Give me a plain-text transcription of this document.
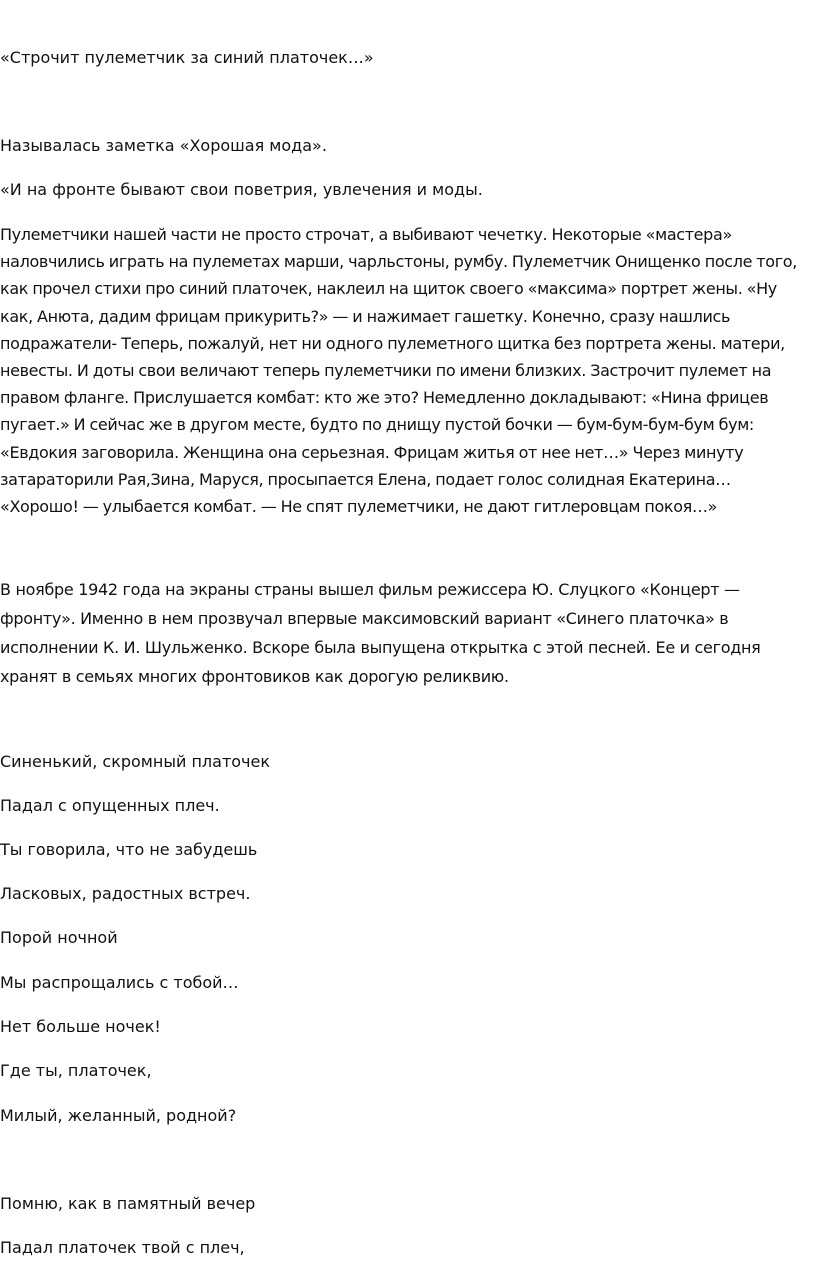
«Строчит пулеметчик за синий платочек…»
Называлась заметка «Хорошая мода».
«И на фронте бывают свои поветрия, увлечения и моды.
Пулеметчики нашей части не просто строчат, а выбивают чечетку. Некоторые «мастера» наловчились играть на пулеметах марши, чарльстоны, румбу. Пулеметчик Онищенко после того, как прочел стихи про синий платочек, наклеил на щиток своего «максима» портрет жены. «Ну как, Анюта, дадим фрицам прикурить?» — и нажимает гашетку. Конечно, сразу нашлись подражатели- Теперь, пожалуй, нет ни одного пулеметного щитка без портрета жены. матери, невесты. И доты свои величают теперь пулеметчики по имени близких. Застрочит пулемет на правом фланге. Прислушается комбат: кто же это? Немедленно докладывают: «Нина фрицев пугает.» И сейчас же в другом месте, будто по днищу пустой бочки — бум-бум-бум-бум бум: «Евдокия заговорила. Женщина она серьезная. Фрицам житья от нее нет…» Через минуту затараторили Рая,Зина, Маруся, просыпается Елена, подает голос солидная Екатерина… «Хорошо! — улыбается комбат. — Не спят пулеметчики, не дают гитлеровцам покоя…»
В ноябре 1942 года на экраны страны вышел фильм режиссера Ю. Слуцкого «Концерт — фронту». Именно в нем прозвучал впервые максимовский вариант «Синего платочка» в исполнении К. И. Шульженко. Вскоре была выпущена открытка с этой песней. Ее и сегодня хранят в семьях многих фронтовиков как дорогую реликвию.
Синенький, скромный платочек
Падал с опущенных плеч.
Ты говорила, что не забудешь
Ласковых, радостных встреч.
Порой ночной
Мы распрощались с тобой…
Нет больше ночек!
Где ты, платочек,
Милый, желанный, родной?
Помню, как в памятный вечер
Падал платочек твой с плеч,
